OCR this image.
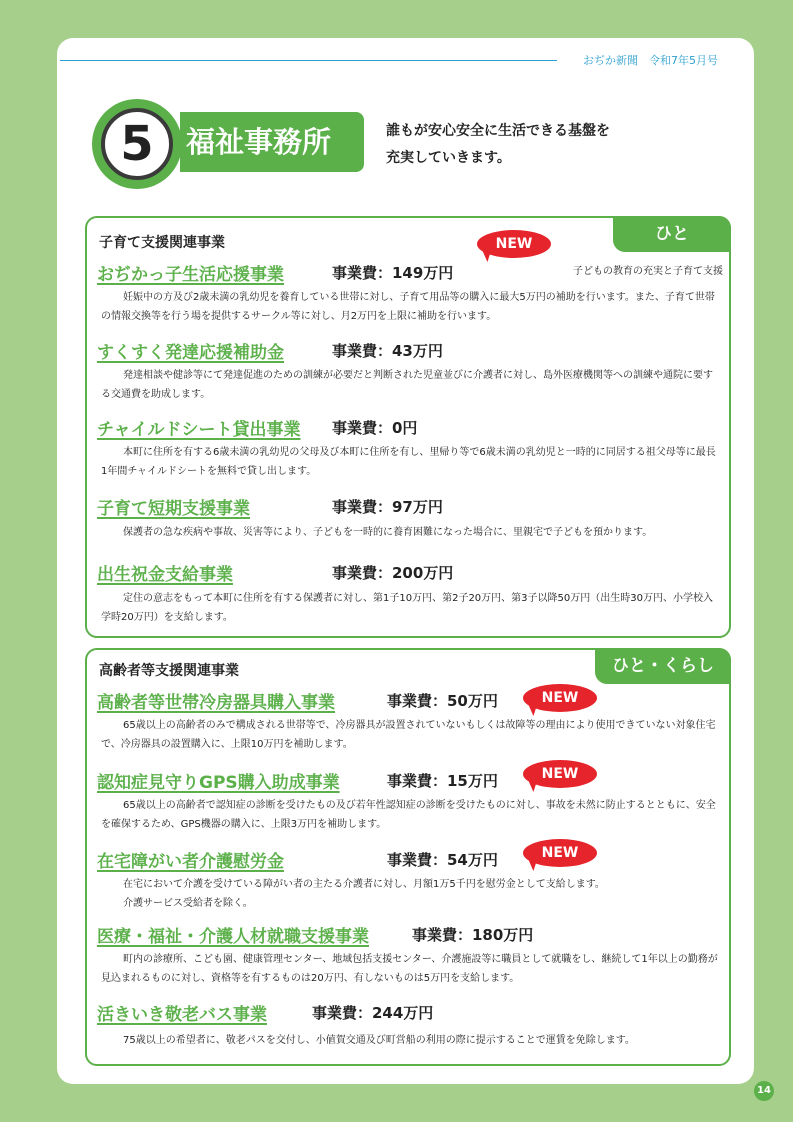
おぢか新聞　令和7年5月号
5	福祉事務所	誰もが安心安全に生活できる基盤を
充実していきます。
ひと
子どもの教育の充実と子育て支援
子育て支援関連事業	NEW
おぢかっ子生活応援事業	事業費：149万円
妊娠中の方及び2歳未満の乳幼児を養育している世帯に対し、子育て用品等の購入に最大5万円の補助を行います。また、子育て世帯の情報交換等を行う場を提供するサークル等に対し、月2万円を上限に補助を行います。
すくすく発達応援補助金	事業費：43万円
発達相談や健診等にて発達促進のための訓練が必要だと判断された児童並びに介護者に対し、島外医療機関等への訓練や通院に要する交通費を助成します。
チャイルドシート貸出事業 事業費：0円
本町に住所を有する6歳未満の乳幼児の父母及び本町に住所を有し、里帰り等で6歳未満の乳幼児と一時的に同居する祖父母等に最長1年間チャイルドシートを無料で貸し出します。
子育て短期支援事業	事業費：97万円
保護者の急な疾病や事故、災害等により、子どもを一時的に養育困難になった場合に、里親宅で子どもを預かります。
出生祝金支給事業	事業費：200万円
定住の意志をもって本町に住所を有する保護者に対し、第1子10万円、第2子20万円、第3子以降50万円（出生時30万円、小学校入学時20万円）を支給します。
ひと・くらし
高齢者等支援関連事業
高齢者等世帯冷房器具購入事業	事業費：50万円	NEW
65歳以上の高齢者のみで構成される世帯等で、冷房器具が設置されていないもしくは故障等の理由により使用できていない対象住宅で、冷房器具の設置購入に、上限10万円を補助します。
認知症見守りGPS購入助成事業	事業費：15万円	NEW
65歳以上の高齢者で認知症の診断を受けたもの及び若年性認知症の診断を受けたものに対し、事故を未然に防止するとともに、安全を確保するため、GPS機器の購入に、上限3万円を補助します。
在宅障がい者介護慰労金	事業費：54万円	NEW
在宅において介護を受けている障がい者の主たる介護者に対し、月額1万5千円を慰労金として支給します。
介護サービス受給者を除く。
医療・福祉・介護人材就職支援事業	事業費：180万円
町内の診療所、こども園、健康管理センター、地域包括支援センター、介護施設等に職員として就職をし、継続して1年以上の勤務が見込まれるものに対し、資格等を有するものは20万円、有しないものは5万円を支給します。
活きいき敬老バス事業	事業費：244万円
75歳以上の希望者に、敬老パスを交付し、小値賀交通及び町営船の利用の際に提示することで運賃を免除します。
14
